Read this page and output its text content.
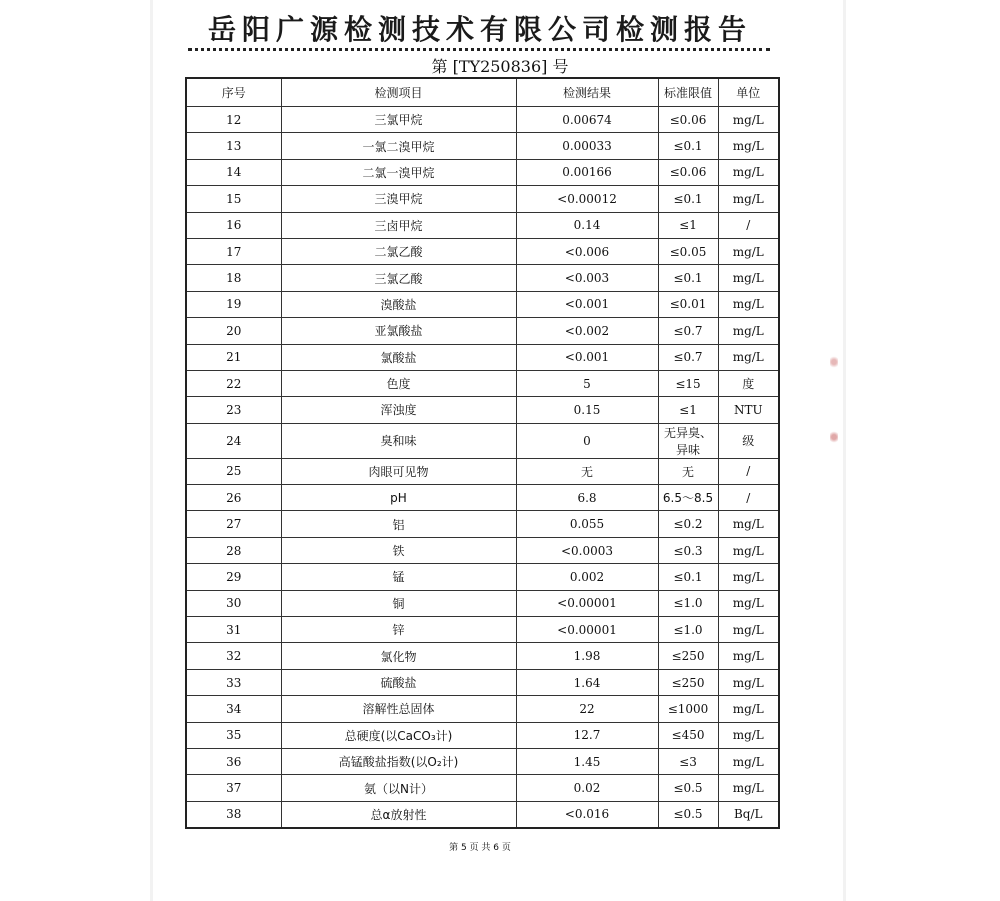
岳阳广源检测技术有限公司检测报告
第 [TY250836] 号
序号	检测项目	检测结果	标准限值	单位
12	三氯甲烷	0.00674	≤0.06	mg/L
13	一氯二溴甲烷	0.00033	≤0.1	mg/L
14	二氯一溴甲烷	0.00166	≤0.06	mg/L
15	三溴甲烷	<0.00012	≤0.1	mg/L
16	三卤甲烷	0.14	≤1	/
17	二氯乙酸	<0.006	≤0.05	mg/L
18	三氯乙酸	<0.003	≤0.1	mg/L
19	溴酸盐	<0.001	≤0.01	mg/L
20	亚氯酸盐	<0.002	≤0.7	mg/L
21	氯酸盐	<0.001	≤0.7	mg/L
22	色度	5	≤15	度
23	浑浊度	0.15	≤1	NTU
24	臭和味	0	无异臭、异味	级
25	肉眼可见物	无	无	/
26	pH	6.8	6.5～8.5	/
27	铝	0.055	≤0.2	mg/L
28	铁	<0.0003	≤0.3	mg/L
29	锰	0.002	≤0.1	mg/L
30	铜	<0.00001	≤1.0	mg/L
31	锌	<0.00001	≤1.0	mg/L
32	氯化物	1.98	≤250	mg/L
33	硫酸盐	1.64	≤250	mg/L
34	溶解性总固体	22	≤1000	mg/L
35	总硬度(以CaCO₃计)	12.7	≤450	mg/L
36	高锰酸盐指数(以O₂计)	1.45	≤3	mg/L
37	氨（以N计）	0.02	≤0.5	mg/L
38	总α放射性	<0.016	≤0.5	Bq/L
第 5 页 共 6 页
